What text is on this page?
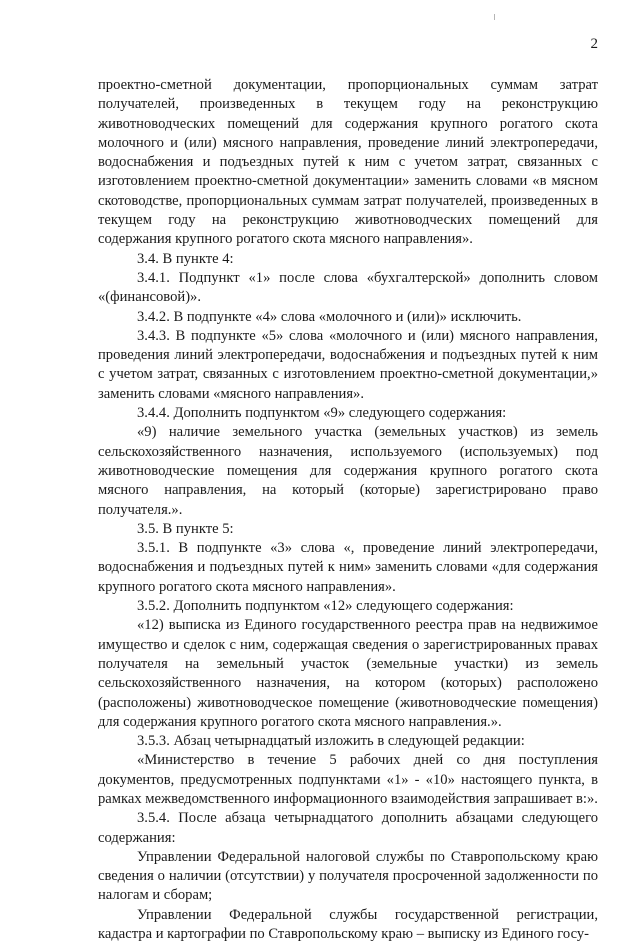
2

проектно-сметной документации, пропорциональных суммам затрат получателей, произведенных в текущем году на реконструкцию животноводческих помещений для содержания крупного рогатого скота молочного и (или) мясного направления, проведение линий электропередачи, водоснабжения и подъездных путей к ним с учетом затрат, связанных с изготовлением проектно-сметной документации» заменить словами «в мясном скотоводстве, пропорциональных суммам затрат получателей, произведенных в текущем году на реконструкцию животноводческих помещений для содержания крупного рогатого скота мясного направления».

3.4. В пункте 4:

3.4.1. Подпункт «1» после слова «бухгалтерской» дополнить словом «(финансовой)».

3.4.2. В подпункте «4» слова «молочного и (или)» исключить.

3.4.3. В подпункте «5» слова «молочного и (или) мясного направления, проведения линий электропередачи, водоснабжения и подъездных путей к ним с учетом затрат, связанных с изготовлением проектно-сметной документации,» заменить словами «мясного направления».

3.4.4. Дополнить подпунктом «9» следующего содержания:

«9) наличие земельного участка (земельных участков) из земель сельскохозяйственного назначения, используемого (используемых) под животноводческие помещения для содержания крупного рогатого скота мясного направления, на который (которые) зарегистрировано право получателя.».

3.5. В пункте 5:

3.5.1. В подпункте «3» слова «, проведение линий электропередачи, водоснабжения и подъездных путей к ним» заменить словами «для содержания крупного рогатого скота мясного направления».

3.5.2. Дополнить подпунктом «12» следующего содержания:

«12) выписка из Единого государственного реестра прав на недвижимое имущество и сделок с ним, содержащая сведения о зарегистрированных правах получателя на земельный участок (земельные участки) из земель сельскохозяйственного назначения, на котором (которых) расположено (расположены) животноводческое помещение (животноводческие помещения) для содержания крупного рогатого скота мясного направления.».

3.5.3. Абзац четырнадцатый изложить в следующей редакции:

«Министерство в течение 5 рабочих дней со дня поступления документов, предусмотренных подпунктами «1» - «10» настоящего пункта, в рамках межведомственного информационного взаимодействия запрашивает в:».

3.5.4. После абзаца четырнадцатого дополнить абзацами следующего содержания:

Управлении Федеральной налоговой службы по Ставропольскому краю сведения о наличии (отсутствии) у получателя просроченной задолженности по налогам и сборам;

Управлении Федеральной службы государственной регистрации, кадастра и картографии по Ставропольскому краю – выписку из Единого госу-
